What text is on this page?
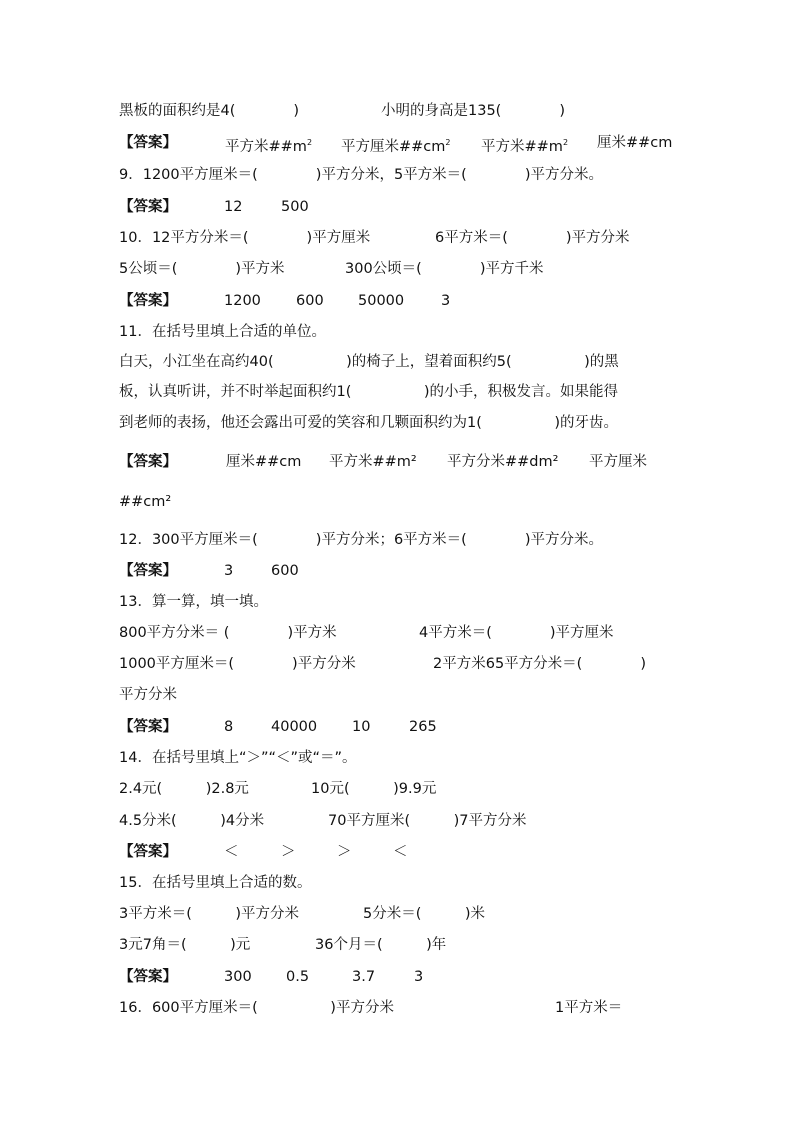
黑板的面积约是4(　　　　)	小明的身高是135(　　　　)
【答案】	平方米$\#\#m^2$ 平方厘米$\#\#cm^2$ 平方米$\#\#m^2$ 厘米##cm
9．1200平方厘米＝(　　　　)平方分米，5平方米＝(　　　　)平方分米。
【答案】	12	500
10．12平方分米＝(　　　　)平方厘米	6平方米＝(　　　　)平方分米
5公顷＝(　　　　)平方米	300公顷＝(　　　　)平方千米
【答案】	1200 600 50000	3
11．在括号里填上合适的单位。
白天，小江坐在高约40(　　　　　)的椅子上，望着面积约5(　　　　　)的黑
板，认真听讲，并不时举起面积约1(　　　　　)的小手，积极发言。如果能得
到老师的表扬，他还会露出可爱的笑容和几颗面积约为1(　　　　　)的牙齿。
【答案】	厘米##cm 平方米##m² 平方分米##dm² 平方厘米
##cm²
12．300平方厘米＝(　　　　)平方分米；6平方米＝(　　　　)平方分米。
【答案】	3	600
13．算一算，填一填。
800平方分米＝ (　　　　)平方米	4平方米＝(　　　　)平方厘米
1000平方厘米＝(　　　　)平方分米	2平方米65平方分米＝(　　　　)
平方分米
【答案】	8	40000 10	265
14．在括号里填上“＞”“＜”或“＝”。
2.4元(　　　)2.8元	10元(　　　)9.9元
4.5分米(　　　)4分米	70平方厘米(　　　)7平方分米
【答案】	＜	＞	＞	＜
15．在括号里填上合适的数。
3平方米＝(　　　)平方分米	5分米＝(　　　)米
3元7角＝(　　　)元	36个月＝(　　　)年
【答案】	300 0.5	3.7	3
16．600平方厘米＝(　　　　　)平方分米	1平方米＝
